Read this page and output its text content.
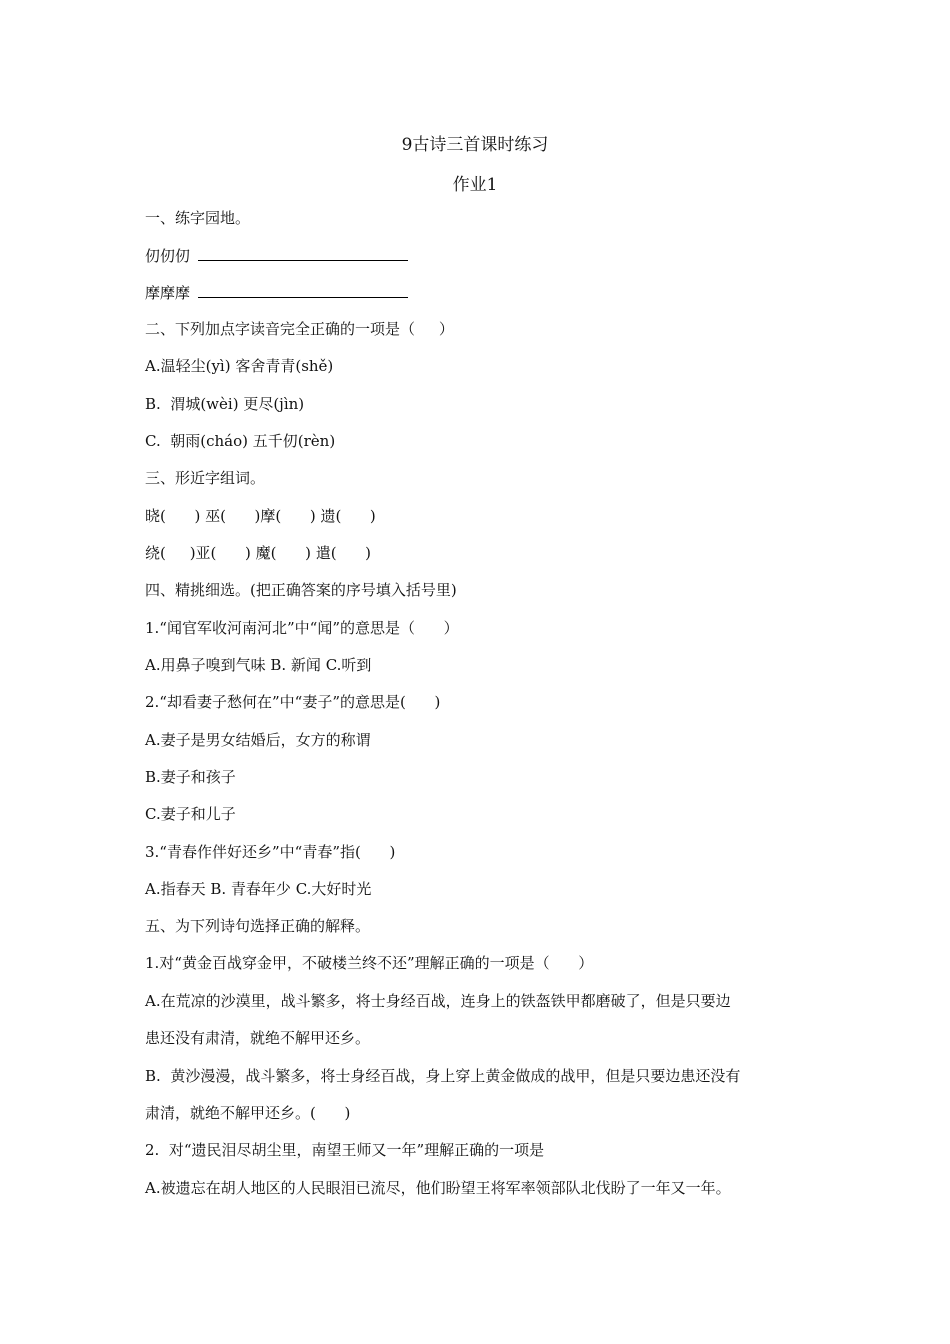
9古诗三首课时练习
作业1
一、练字园地。
仞仞仞
摩摩摩
二、下列加点字读音完全正确的一项是（     ）
A.温轻尘(yì) 客舍青青(shě)
B.  渭城(wèi) 更尽(jìn)
C.  朝雨(cháo) 五千仞(rèn)
三、形近字组词。
晓(      ) 巫(      )摩(      ) 遗(      )
绕(     )亚(      ) 魔(      ) 遣(      )
四、精挑细选。(把正确答案的序号填入括号里)
1.“闻官军收河南河北”中“闻”的意思是（      ）
A.用鼻子嗅到气味 B. 新闻 C.听到
2.“却看妻子愁何在”中“妻子”的意思是(      )
A.妻子是男女结婚后，女方的称谓
B.妻子和孩子
C.妻子和儿子
3.“青春作伴好还乡”中“青春”指(      )
A.指春天 B. 青春年少 C.大好时光
五、为下列诗句选择正确的解释。
1.对“黄金百战穿金甲，不破楼兰终不还”理解正确的一项是（      ）
A.在荒凉的沙漠里，战斗繁多，将士身经百战，连身上的铁盔铁甲都磨破了，但是只要边
患还没有肃清，就绝不解甲还乡。
B.  黄沙漫漫，战斗繁多，将士身经百战，身上穿上黄金做成的战甲，但是只要边患还没有
肃清，就绝不解甲还乡。(      )
2.  对“遗民泪尽胡尘里，南望王师又一年”理解正确的一项是
A.被遗忘在胡人地区的人民眼泪已流尽，他们盼望王将军率领部队北伐盼了一年又一年。
